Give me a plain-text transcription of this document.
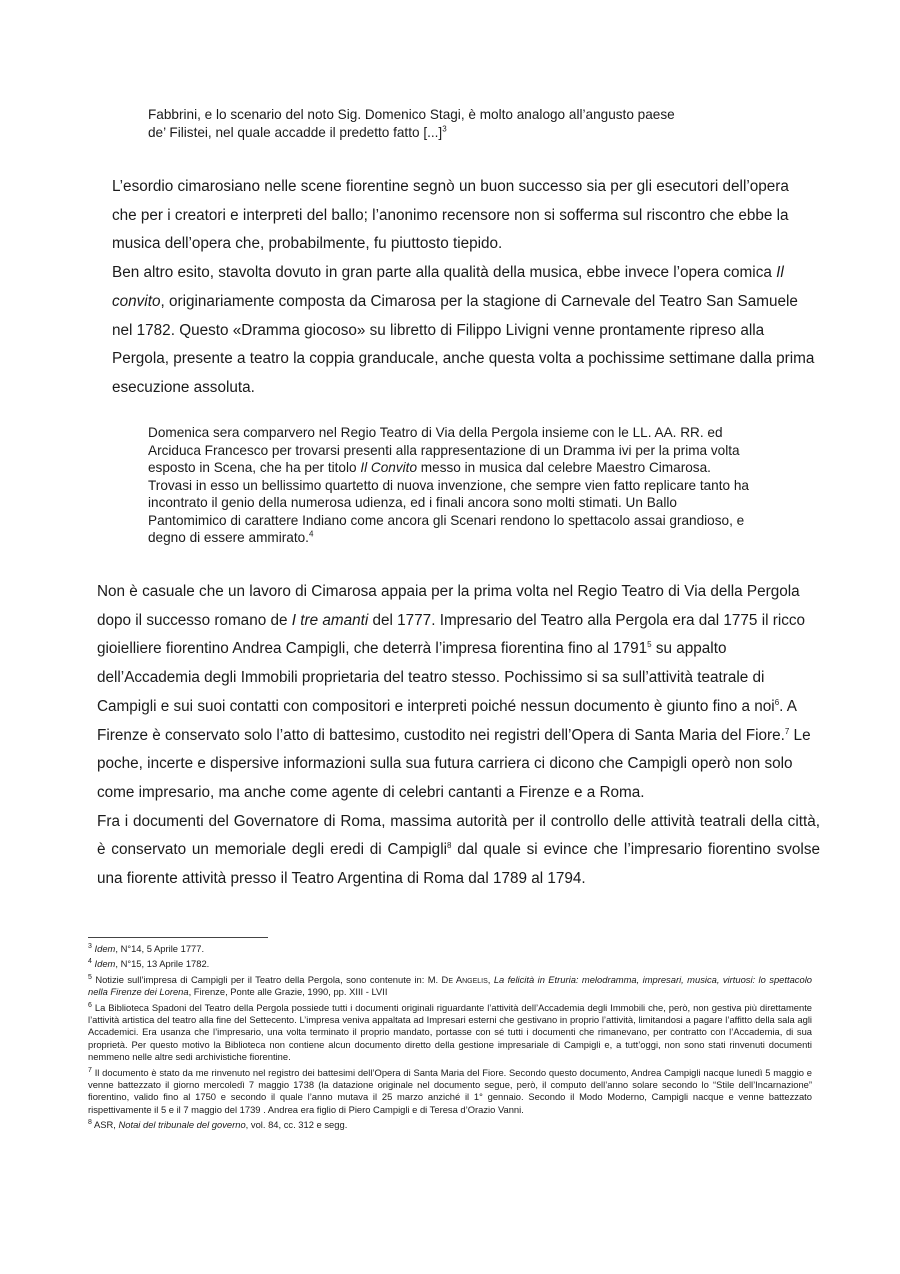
Fabbrini, e lo scenario del noto Sig. Domenico Stagi, è molto analogo all’angusto paese

de’ Filistei, nel quale accadde il predetto fatto [...]$^3$

L’esordio cimarosiano nelle scene fiorentine segnò un buon successo sia per gli esecutori dell’opera che per i creatori e interpreti del ballo; l’anonimo recensore non si sofferma sul riscontro che ebbe la musica dell’opera che, probabilmente, fu piuttosto tiepido.

Ben altro esito, stavolta dovuto in gran parte alla qualità della musica, ebbe invece l’opera comica Il convito, originariamente composta da Cimarosa per la stagione di Carnevale del Teatro San Samuele nel 1782. Questo «Dramma giocoso» su libretto di Filippo Livigni venne prontamente ripreso alla Pergola, presente a teatro la coppia granducale, anche questa volta a pochissime settimane dalla prima esecuzione assoluta.

Domenica sera comparvero nel Regio Teatro di Via della Pergola insieme con le LL. AA. RR. ed Arciduca Francesco per trovarsi presenti alla rappresentazione di un Dramma ivi per la prima volta esposto in Scena, che ha per titolo Il Convito messo in musica dal celebre Maestro Cimarosa. Trovasi in esso un bellissimo quartetto di nuova invenzione, che sempre vien fatto replicare tanto ha incontrato il genio della numerosa udienza, ed i finali ancora sono molti stimati. Un Ballo Pantomimico di carattere Indiano come ancora gli Scenari rendono lo spettacolo assai grandioso, e degno di essere ammirato.$^4$

Non è casuale che un lavoro di Cimarosa appaia per la prima volta nel Regio Teatro di Via della Pergola dopo il successo romano de I tre amanti del 1777. Impresario del Teatro alla Pergola era dal 1775 il ricco gioielliere fiorentino Andrea Campigli, che deterrà l’impresa fiorentina fino al 1791$^5$ su appalto dell’Accademia degli Immobili proprietaria del teatro stesso. Pochissimo si sa sull’attività teatrale di Campigli e sui suoi contatti con compositori e interpreti poiché nessun documento è giunto fino a noi$^6$. A Firenze è conservato solo l’atto di battesimo, custodito nei registri dell’Opera di Santa Maria del Fiore.$^7$ Le poche, incerte e dispersive informazioni sulla sua futura carriera ci dicono che Campigli operò non solo come impresario, ma anche come agente di celebri cantanti a Firenze e a Roma.

Fra i documenti del Governatore di Roma, massima autorità per il controllo delle attività teatrali della città, è conservato un memoriale degli eredi di Campigli$^8$ dal quale si evince che l’impresario fiorentino svolse una fiorente attività presso il Teatro Argentina di Roma dal 1789 al 1794.

$^3$ Idem, N°14, 5 Aprile 1777.

$^4$ Idem, N°15, 13 Aprile 1782.

$^5$ Notizie sull’impresa di Campigli per il Teatro della Pergola, sono contenute in: M. De Angelis, La felicità in Etruria: melodramma, impresari, musica, virtuosi: lo spettacolo nella Firenze dei Lorena, Firenze, Ponte alle Grazie, 1990, pp. XIII - LVII

$^6$ La Biblioteca Spadoni del Teatro della Pergola possiede tutti i documenti originali riguardante l’attività dell’Accademia degli Immobili che, però, non gestiva più direttamente l’attività artistica del teatro alla fine del Settecento. L’impresa veniva appaltata ad Impresari esterni che gestivano in proprio l’attività, limitandosi a pagare l’affitto della sala agli Accademici. Era usanza che l’impresario, una volta terminato il proprio mandato, portasse con sé tutti i documenti che rimanevano, per contratto con l’Accademia, di sua proprietà. Per questo motivo la Biblioteca non contiene alcun documento diretto della gestione impresariale di Campigli e, a tutt’oggi, non sono stati rinvenuti documenti nemmeno nelle altre sedi archivistiche fiorentine.

$^7$ Il documento è stato da me rinvenuto nel registro dei battesimi dell’Opera di Santa Maria del Fiore. Secondo questo documento, Andrea Campigli nacque lunedì 5 maggio e venne battezzato il giorno mercoledì 7 maggio 1738 (la datazione originale nel documento segue, però, il computo dell’anno solare secondo lo “Stile dell’Incarnazione” fiorentino, valido fino al 1750 e secondo il quale l’anno mutava il 25 marzo anziché il 1° gennaio. Secondo il Modo Moderno, Campigli nacque e venne battezzato rispettivamente il 5 e il 7 maggio del 1739 . Andrea era figlio di Piero Campigli e di Teresa d’Orazio Vanni.

$^8$ ASR, Notai del tribunale del governo, vol. 84, cc. 312 e segg.
